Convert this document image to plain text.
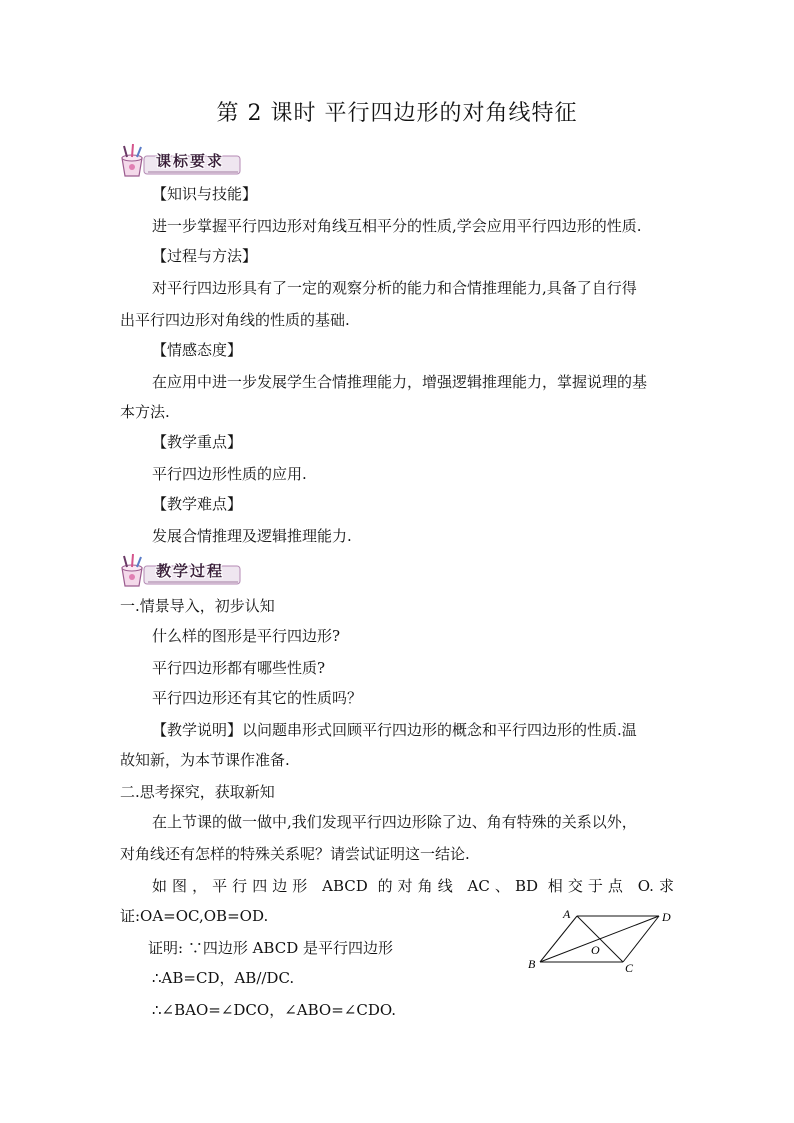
第 2 课时 平行四边形的对角线特征
课标要求
【知识与技能】
进一步掌握平行四边形对角线互相平分的性质,学会应用平行四边形的性质.
【过程与方法】
对平行四边形具有了一定的观察分析的能力和合情推理能力,具备了自行得
出平行四边形对角线的性质的基础.
【情感态度】
在应用中进一步发展学生合情推理能力，增强逻辑推理能力，掌握说理的基
本方法.
【教学重点】
平行四边形性质的应用.
【教学难点】
发展合情推理及逻辑推理能力.
教学过程
一.情景导入，初步认知
什么样的图形是平行四边形?
平行四边形都有哪些性质?
平行四边形还有其它的性质吗？
【教学说明】以问题串形式回顾平行四边形的概念和平行四边形的性质.温
故知新，为本节课作准备.
二.思考探究，获取新知
在上节课的做一做中,我们发现平行四边形除了边、角有特殊的关系以外，
对角线还有怎样的特殊关系呢？请尝试证明这一结论.
如图，平行四边形 ABCD 的对角线 AC、BD 相交于点 O.求
证:OA=OC,OB=OD.
证明: ∵四边形 ABCD 是平行四边形
∴AB=CD，AB//DC.
∴∠BAO=∠DCO，∠ABO=∠CDO.
A	D
B	C
O
